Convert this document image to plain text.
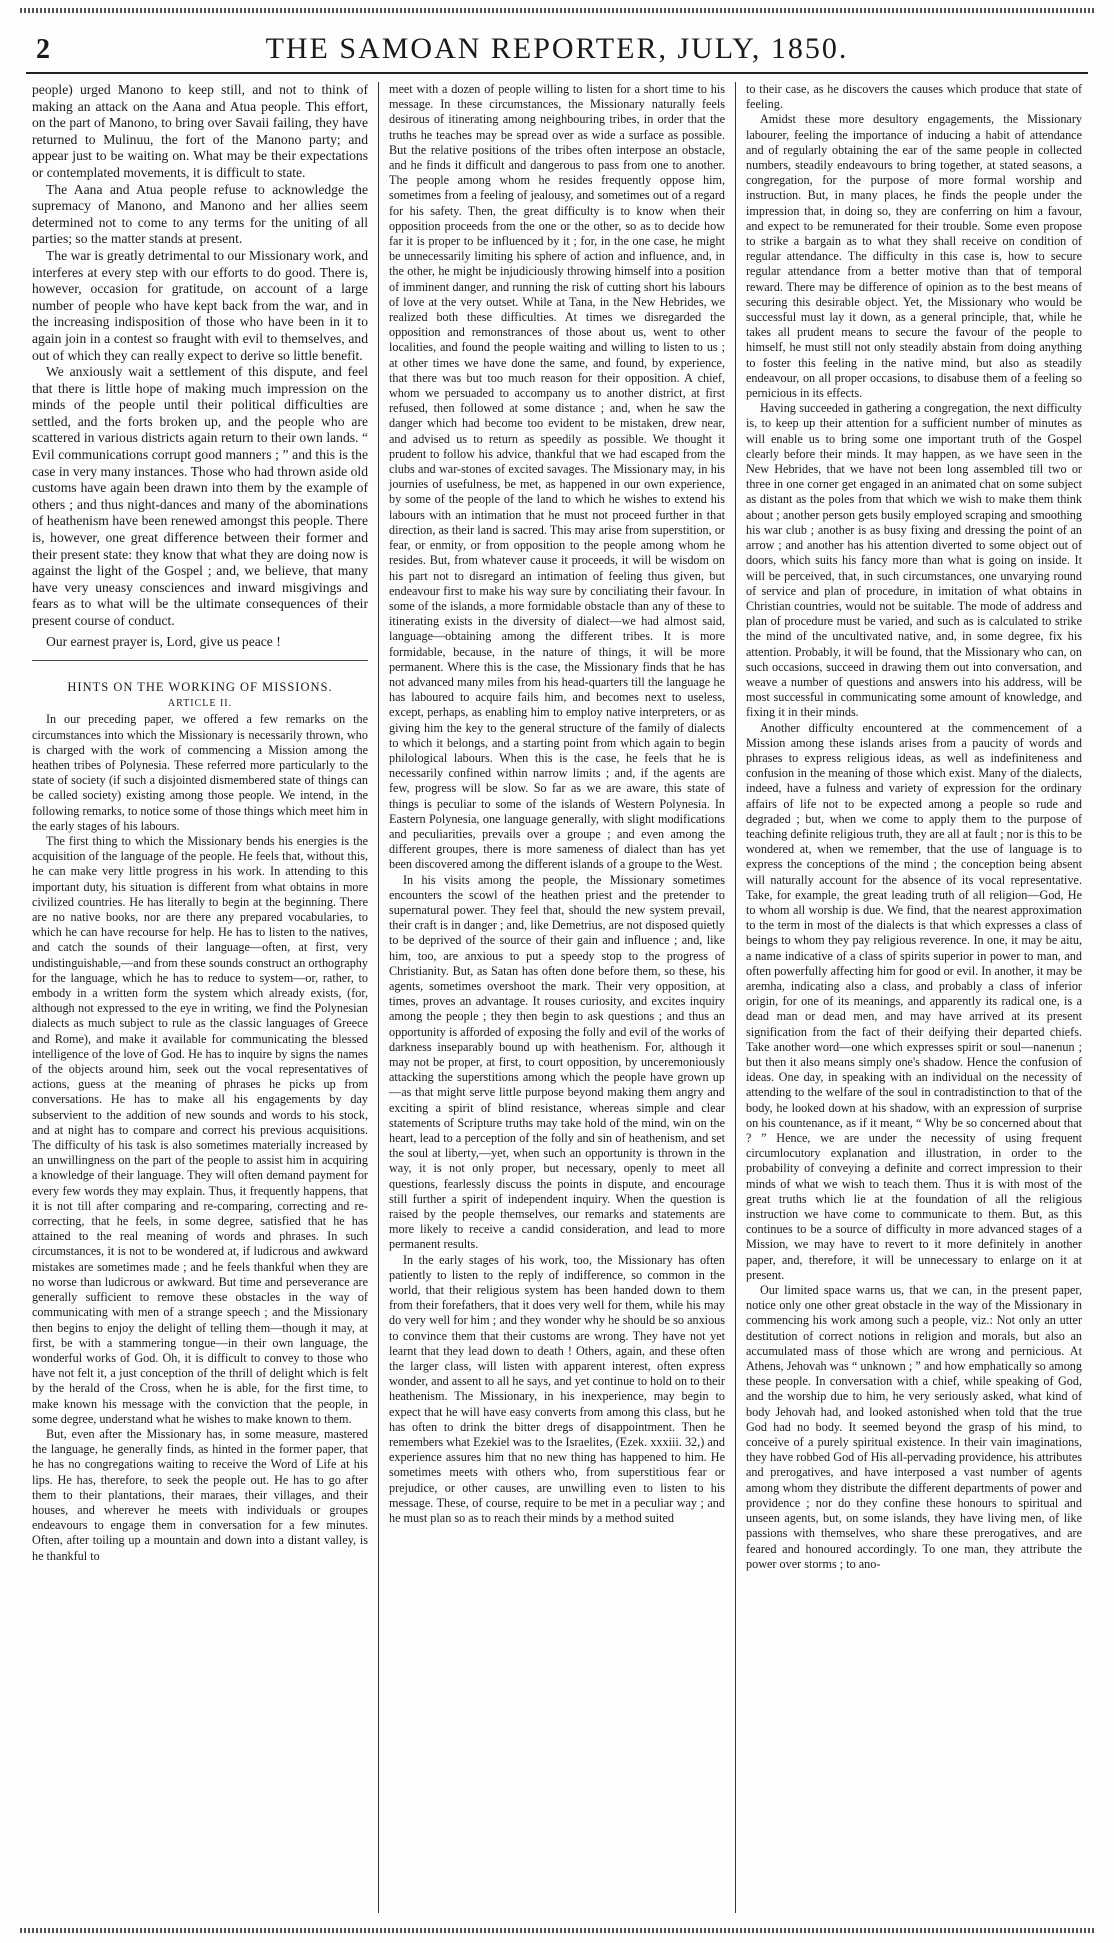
2	THE SAMOAN REPORTER, JULY, 1850.

people) urged Manono to keep still, and not to think of making an attack on the Aana and Atua people. This effort, on the part of Manono, to bring over Savaii failing, they have returned to Mulinuu, the fort of the Manono party; and appear just to be waiting on. What may be their expectations or contemplated movements, it is difficult to state.

The Aana and Atua people refuse to acknowledge the supremacy of Manono, and Manono and her allies seem determined not to come to any terms for the uniting of all parties; so the matter stands at present.

The war is greatly detrimental to our Missionary work, and interferes at every step with our efforts to do good. There is, however, occasion for gratitude, on account of a large number of people who have kept back from the war, and in the increasing indisposition of those who have been in it to again join in a contest so fraught with evil to themselves, and out of which they can really expect to derive so little benefit.

We anxiously wait a settlement of this dispute, and feel that there is little hope of making much impression on the minds of the people until their political difficulties are settled, and the forts broken up, and the people who are scattered in various districts again return to their own lands. “ Evil communications corrupt good manners ; ” and this is the case in very many instances. Those who had thrown aside old customs have again been drawn into them by the example of others ; and thus night-dances and many of the abominations of heathenism have been renewed amongst this people. There is, however, one great difference between their former and their present state: they know that what they are doing now is against the light of the Gospel ; and, we believe, that many have very uneasy consciences and inward misgivings and fears as to what will be the ultimate consequences of their present course of conduct.

Our earnest prayer is, Lord, give us peace !

HINTS ON THE WORKING OF MISSIONS.

ARTICLE II.

In our preceding paper, we offered a few remarks on the circumstances into which the Missionary is necessarily thrown, who is charged with the work of commencing a Mission among the heathen tribes of Polynesia. These referred more particularly to the state of society (if such a disjointed dismembered state of things can be called society) existing among those people. We intend, in the following remarks, to notice some of those things which meet him in the early stages of his labours.

The first thing to which the Missionary bends his energies is the acquisition of the language of the people. He feels that, without this, he can make very little progress in his work. In attending to this important duty, his situation is different from what obtains in more civilized countries. He has literally to begin at the beginning. There are no native books, nor are there any prepared vocabularies, to which he can have recourse for help. He has to listen to the natives, and catch the sounds of their language—often, at first, very undistinguishable,—and from these sounds construct an orthography for the language, which he has to reduce to system—or, rather, to embody in a written form the system which already exists, (for, although not expressed to the eye in writing, we find the Polynesian dialects as much subject to rule as the classic languages of Greece and Rome), and make it available for communicating the blessed intelligence of the love of God. He has to inquire by signs the names of the objects around him, seek out the vocal representatives of actions, guess at the meaning of phrases he picks up from conversations. He has to make all his engagements by day subservient to the addition of new sounds and words to his stock, and at night has to compare and correct his previous acquisitions. The difficulty of his task is also sometimes materially increased by an unwillingness on the part of the people to assist him in acquiring a knowledge of their language. They will often demand payment for every few words they may explain. Thus, it frequently happens, that it is not till after comparing and re-comparing, correcting and re-correcting, that he feels, in some degree, satisfied that he has attained to the real meaning of words and phrases. In such circumstances, it is not to be wondered at, if ludicrous and awkward mistakes are sometimes made ; and he feels thankful when they are no worse than ludicrous or awkward. But time and perseverance are generally sufficient to remove these obstacles in the way of communicating with men of a strange speech ; and the Missionary then begins to enjoy the delight of telling them—though it may, at first, be with a stammering tongue—in their own language, the wonderful works of God. Oh, it is difficult to convey to those who have not felt it, a just conception of the thrill of delight which is felt by the herald of the Cross, when he is able, for the first time, to make known his message with the conviction that the people, in some degree, understand what he wishes to make known to them.

But, even after the Missionary has, in some measure, mastered the language, he generally finds, as hinted in the former paper, that he has no congregations waiting to receive the Word of Life at his lips. He has, therefore, to seek the people out. He has to go after them to their plantations, their maraes, their villages, and their houses, and wherever he meets with individuals or groupes endeavours to engage them in conversation for a few minutes. Often, after toiling up a mountain and down into a distant valley, is he thankful to

meet with a dozen of people willing to listen for a short time to his message. In these circumstances, the Missionary naturally feels desirous of itinerating among neighbouring tribes, in order that the truths he teaches may be spread over as wide a surface as possible. But the relative positions of the tribes often interpose an obstacle, and he finds it difficult and dangerous to pass from one to another. The people among whom he resides frequently oppose him, sometimes from a feeling of jealousy, and sometimes out of a regard for his safety. Then, the great difficulty is to know when their opposition proceeds from the one or the other, so as to decide how far it is proper to be influenced by it ; for, in the one case, he might be unnecessarily limiting his sphere of action and influence, and, in the other, he might be injudiciously throwing himself into a position of imminent danger, and running the risk of cutting short his labours of love at the very outset. While at Tana, in the New Hebrides, we realized both these difficulties. At times we disregarded the opposition and remonstrances of those about us, went to other localities, and found the people waiting and willing to listen to us ; at other times we have done the same, and found, by experience, that there was but too much reason for their opposition. A chief, whom we persuaded to accompany us to another district, at first refused, then followed at some distance ; and, when he saw the danger which had become too evident to be mistaken, drew near, and advised us to return as speedily as possible. We thought it prudent to follow his advice, thankful that we had escaped from the clubs and war-stones of excited savages. The Missionary may, in his journies of usefulness, be met, as happened in our own experience, by some of the people of the land to which he wishes to extend his labours with an intimation that he must not proceed further in that direction, as their land is sacred. This may arise from superstition, or fear, or enmity, or from opposition to the people among whom he resides. But, from whatever cause it proceeds, it will be wisdom on his part not to disregard an intimation of feeling thus given, but endeavour first to make his way sure by conciliating their favour. In some of the islands, a more formidable obstacle than any of these to itinerating exists in the diversity of dialect—we had almost said, language—obtaining among the different tribes. It is more formidable, because, in the nature of things, it will be more permanent. Where this is the case, the Missionary finds that he has not advanced many miles from his head-quarters till the language he has laboured to acquire fails him, and becomes next to useless, except, perhaps, as enabling him to employ native interpreters, or as giving him the key to the general structure of the family of dialects to which it belongs, and a starting point from which again to begin philological labours. When this is the case, he feels that he is necessarily confined within narrow limits ; and, if the agents are few, progress will be slow. So far as we are aware, this state of things is peculiar to some of the islands of Western Polynesia. In Eastern Polynesia, one language generally, with slight modifications and peculiarities, prevails over a groupe ; and even among the different groupes, there is more sameness of dialect than has yet been discovered among the different islands of a groupe to the West.

In his visits among the people, the Missionary sometimes encounters the scowl of the heathen priest and the pretender to supernatural power. They feel that, should the new system prevail, their craft is in danger ; and, like Demetrius, are not disposed quietly to be deprived of the source of their gain and influence ; and, like him, too, are anxious to put a speedy stop to the progress of Christianity. But, as Satan has often done before them, so these, his agents, sometimes overshoot the mark. Their very opposition, at times, proves an advantage. It rouses curiosity, and excites inquiry among the people ; they then begin to ask questions ; and thus an opportunity is afforded of exposing the folly and evil of the works of darkness inseparably bound up with heathenism. For, although it may not be proper, at first, to court opposition, by unceremoniously attacking the superstitions among which the people have grown up—as that might serve little purpose beyond making them angry and exciting a spirit of blind resistance, whereas simple and clear statements of Scripture truths may take hold of the mind, win on the heart, lead to a perception of the folly and sin of heathenism, and set the soul at liberty,—yet, when such an opportunity is thrown in the way, it is not only proper, but necessary, openly to meet all questions, fearlessly discuss the points in dispute, and encourage still further a spirit of independent inquiry. When the question is raised by the people themselves, our remarks and statements are more likely to receive a candid consideration, and lead to more permanent results.

In the early stages of his work, too, the Missionary has often patiently to listen to the reply of indifference, so common in the world, that their religious system has been handed down to them from their forefathers, that it does very well for them, while his may do very well for him ; and they wonder why he should be so anxious to convince them that their customs are wrong. They have not yet learnt that they lead down to death ! Others, again, and these often the larger class, will listen with apparent interest, often express wonder, and assent to all he says, and yet continue to hold on to their heathenism. The Missionary, in his inexperience, may begin to expect that he will have easy converts from among this class, but he has often to drink the bitter dregs of disappointment. Then he remembers what Ezekiel was to the Israelites, (Ezek. xxxiii. 32,) and experience assures him that no new thing has happened to him. He sometimes meets with others who, from superstitious fear or prejudice, or other causes, are unwilling even to listen to his message. These, of course, require to be met in a peculiar way ; and he must plan so as to reach their minds by a method suited

to their case, as he discovers the causes which produce that state of feeling.

Amidst these more desultory engagements, the Missionary labourer, feeling the importance of inducing a habit of attendance and of regularly obtaining the ear of the same people in collected numbers, steadily endeavours to bring together, at stated seasons, a congregation, for the purpose of more formal worship and instruction. But, in many places, he finds the people under the impression that, in doing so, they are conferring on him a favour, and expect to be remunerated for their trouble. Some even propose to strike a bargain as to what they shall receive on condition of regular attendance. The difficulty in this case is, how to secure regular attendance from a better motive than that of temporal reward. There may be difference of opinion as to the best means of securing this desirable object. Yet, the Missionary who would be successful must lay it down, as a general principle, that, while he takes all prudent means to secure the favour of the people to himself, he must still not only steadily abstain from doing anything to foster this feeling in the native mind, but also as steadily endeavour, on all proper occasions, to disabuse them of a feeling so pernicious in its effects.

Having succeeded in gathering a congregation, the next difficulty is, to keep up their attention for a sufficient number of minutes as will enable us to bring some one important truth of the Gospel clearly before their minds. It may happen, as we have seen in the New Hebrides, that we have not been long assembled till two or three in one corner get engaged in an animated chat on some subject as distant as the poles from that which we wish to make them think about ; another person gets busily employed scraping and smoothing his war club ; another is as busy fixing and dressing the point of an arrow ; and another has his attention diverted to some object out of doors, which suits his fancy more than what is going on inside. It will be perceived, that, in such circumstances, one unvarying round of service and plan of procedure, in imitation of what obtains in Christian countries, would not be suitable. The mode of address and plan of procedure must be varied, and such as is calculated to strike the mind of the uncultivated native, and, in some degree, fix his attention. Probably, it will be found, that the Missionary who can, on such occasions, succeed in drawing them out into conversation, and weave a number of questions and answers into his address, will be most successful in communicating some amount of knowledge, and fixing it in their minds.

Another difficulty encountered at the commencement of a Mission among these islands arises from a paucity of words and phrases to express religious ideas, as well as indefiniteness and confusion in the meaning of those which exist. Many of the dialects, indeed, have a fulness and variety of expression for the ordinary affairs of life not to be expected among a people so rude and degraded ; but, when we come to apply them to the purpose of teaching definite religious truth, they are all at fault ; nor is this to be wondered at, when we remember, that the use of language is to express the conceptions of the mind ; the conception being absent will naturally account for the absence of its vocal representative. Take, for example, the great leading truth of all religion—God, He to whom all worship is due. We find, that the nearest approximation to the term in most of the dialects is that which expresses a class of beings to whom they pay religious reverence. In one, it may be aitu, a name indicative of a class of spirits superior in power to man, and often powerfully affecting him for good or evil. In another, it may be aremha, indicating also a class, and probably a class of inferior origin, for one of its meanings, and apparently its radical one, is a dead man or dead men, and may have arrived at its present signification from the fact of their deifying their departed chiefs. Take another word—one which expresses spirit or soul—nanenun ; but then it also means simply one's shadow. Hence the confusion of ideas. One day, in speaking with an individual on the necessity of attending to the welfare of the soul in contradistinction to that of the body, he looked down at his shadow, with an expression of surprise on his countenance, as if it meant, “ Why be so concerned about that ? ” Hence, we are under the necessity of using frequent circumlocutory explanation and illustration, in order to the probability of conveying a definite and correct impression to their minds of what we wish to teach them. Thus it is with most of the great truths which lie at the foundation of all the religious instruction we have come to communicate to them. But, as this continues to be a source of difficulty in more advanced stages of a Mission, we may have to revert to it more definitely in another paper, and, therefore, it will be unnecessary to enlarge on it at present.

Our limited space warns us, that we can, in the present paper, notice only one other great obstacle in the way of the Missionary in commencing his work among such a people, viz.: Not only an utter destitution of correct notions in religion and morals, but also an accumulated mass of those which are wrong and pernicious. At Athens, Jehovah was “ unknown ; ” and how emphatically so among these people. In conversation with a chief, while speaking of God, and the worship due to him, he very seriously asked, what kind of body Jehovah had, and looked astonished when told that the true God had no body. It seemed beyond the grasp of his mind, to conceive of a purely spiritual existence. In their vain imaginations, they have robbed God of His all-pervading providence, his attributes and prerogatives, and have interposed a vast number of agents among whom they distribute the different departments of power and providence ; nor do they confine these honours to spiritual and unseen agents, but, on some islands, they have living men, of like passions with themselves, who share these prerogatives, and are feared and honoured accordingly. To one man, they attribute the power over storms ; to ano-
